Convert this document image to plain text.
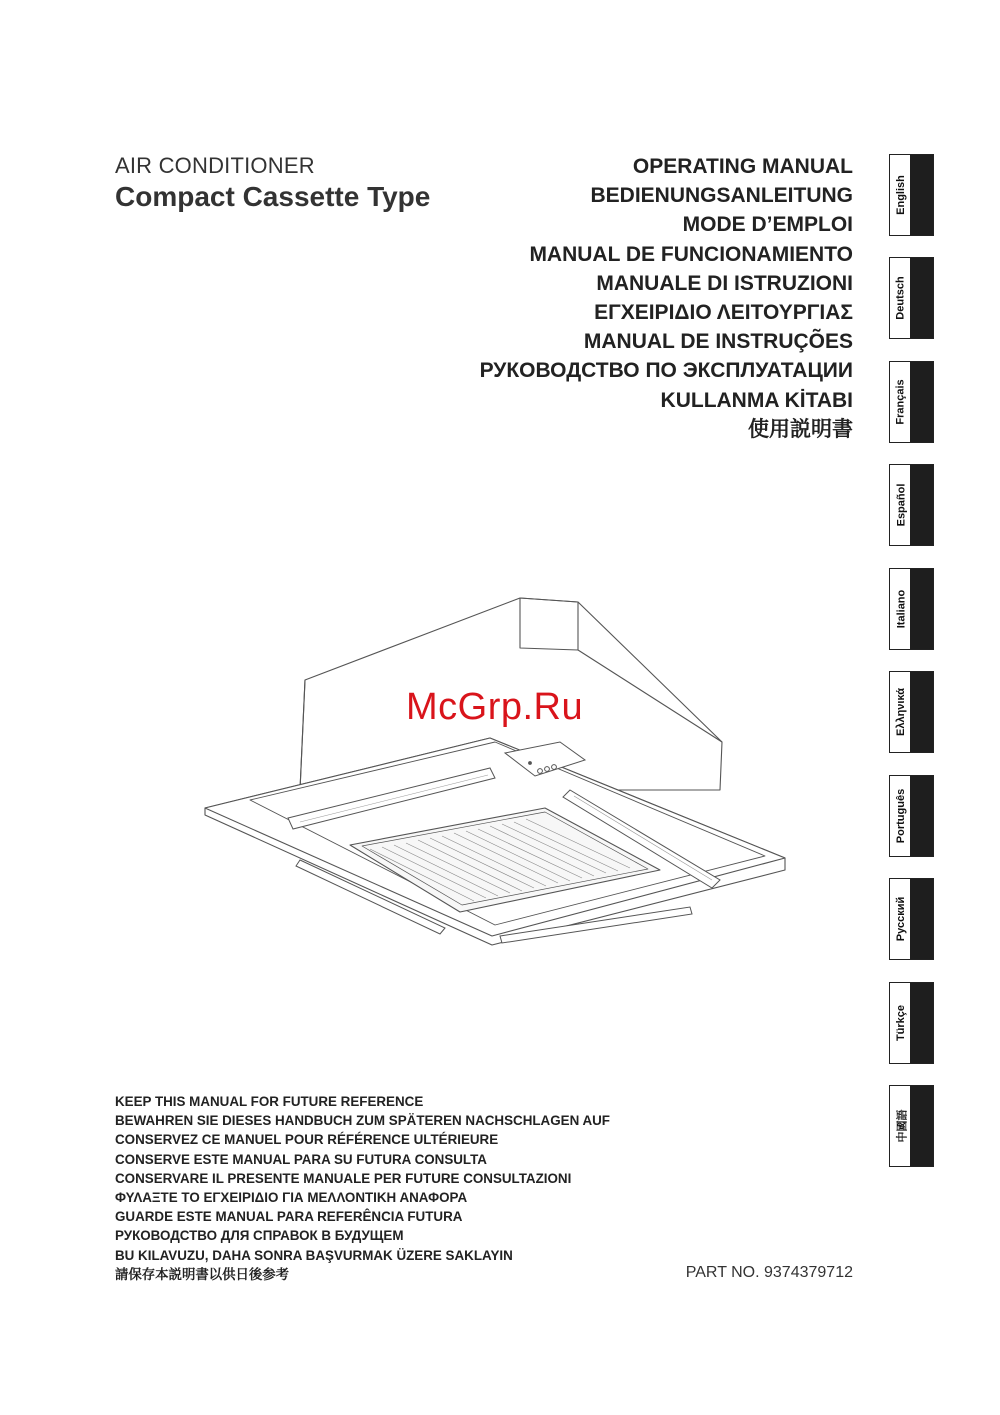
AIR CONDITIONER
Compact Cassette Type
OPERATING MANUAL
BEDIENUNGSANLEITUNG
MODE D’EMPLOI
MANUAL DE FUNCIONAMIENTO
MANUALE DI ISTRUZIONI
ΕΓΧΕΙΡΙΔΙΟ ΛΕΙΤΟΥΡΓΙΑΣ
MANUAL DE INSTRUÇÕES
РУКОВОДСТВО ПО ЭКСПЛУАТАЦИИ
KULLANMA KİTABI
使用説明書
English
Deutsch
Français
Español
Italiano
Ελληνικά
Português
Русский
Türkçe
中國語
McGrp.Ru
KEEP THIS MANUAL FOR FUTURE REFERENCE
BEWAHREN SIE DIESES HANDBUCH ZUM SPÄTEREN NACHSCHLAGEN AUF
CONSERVEZ CE MANUEL POUR RÉFÉRENCE ULTÉRIEURE
CONSERVE ESTE MANUAL PARA SU FUTURA CONSULTA
CONSERVARE IL PRESENTE MANUALE PER FUTURE CONSULTAZIONI
ΦΥΛΑΞΤΕ ΤΟ ΕΓΧΕΙΡΙΔΙΟ ΓΙΑ ΜΕΛΛΟΝΤΙΚΗ ΑΝΑΦΟΡΑ
GUARDE ESTE MANUAL PARA REFERÊNCIA FUTURA
РУКОВОДСТВО ДЛЯ СПРАВОК В БУДУЩЕМ
BU KILAVUZU, DAHA SONRA BAŞVURMAK ÜZERE SAKLAYIN
請保存本説明書以供日後参考	PART NO. 9374379712
